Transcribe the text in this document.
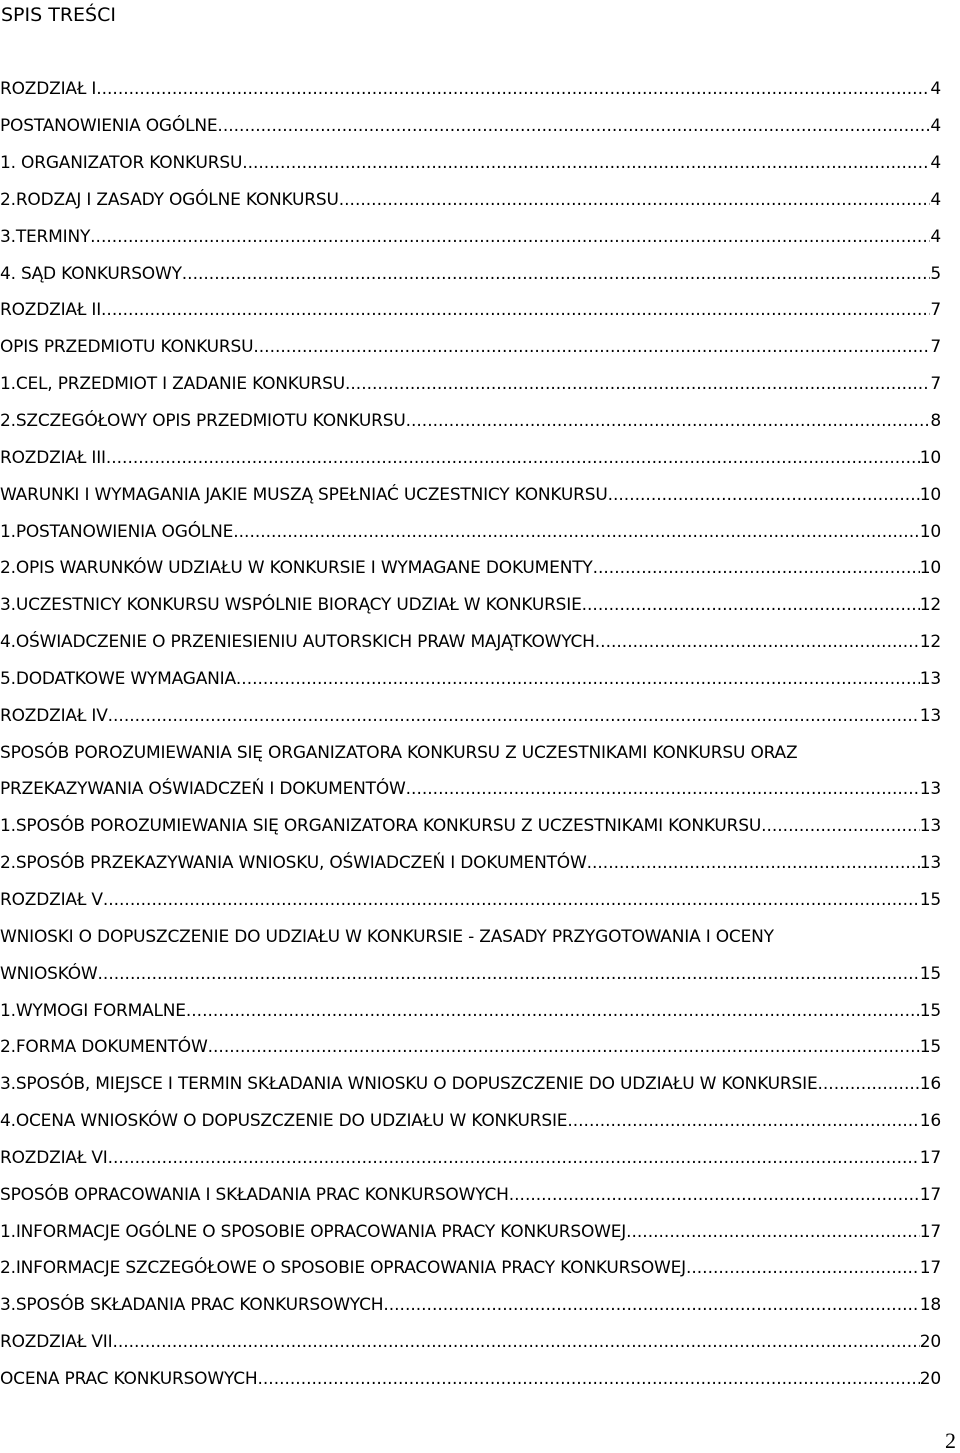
SPIS TREŚCI
ROZDZIAŁ I .....	4
POSTANOWIENIA OGÓLNE .....	4
1. ORGANIZATOR KONKURSU .....	4
2.RODZAJ I ZASADY OGÓLNE KONKURSU .....	4
3.TERMINY .....	4
4. SĄD KONKURSOWY .....	5
ROZDZIAŁ II .....	7
OPIS PRZEDMIOTU KONKURSU .....	7
1.CEL, PRZEDMIOT I ZADANIE KONKURSU .....	7
2.SZCZEGÓŁOWY OPIS PRZEDMIOTU KONKURSU .....	8
ROZDZIAŁ III .....	10
WARUNKI I WYMAGANIA JAKIE MUSZĄ SPEŁNIAĆ UCZESTNICY KONKURSU .....	10
1.POSTANOWIENIA OGÓLNE .....	10
2.OPIS WARUNKÓW UDZIAŁU W KONKURSIE I WYMAGANE DOKUMENTY .....	10
3.UCZESTNICY KONKURSU WSPÓLNIE BIORĄCY UDZIAŁ W KONKURSIE .....	12
4.OŚWIADCZENIE O PRZENIESIENIU AUTORSKICH PRAW MAJĄTKOWYCH .....	12
5.DODATKOWE WYMAGANIA .....	13
ROZDZIAŁ IV .....	13
SPOSÓB POROZUMIEWANIA SIĘ ORGANIZATORA KONKURSU Z UCZESTNIKAMI KONKURSU ORAZ
PRZEKAZYWANIA OŚWIADCZEŃ I DOKUMENTÓW .....	13
1.SPOSÓB POROZUMIEWANIA SIĘ ORGANIZATORA KONKURSU Z UCZESTNIKAMI KONKURSU .....	13
2.SPOSÓB PRZEKAZYWANIA WNIOSKU, OŚWIADCZEŃ I DOKUMENTÓW .....	13
ROZDZIAŁ V .....	15
WNIOSKI O DOPUSZCZENIE DO UDZIAŁU W KONKURSIE - ZASADY PRZYGOTOWANIA I OCENY
WNIOSKÓW .....	15
1.WYMOGI FORMALNE .....	15
2.FORMA DOKUMENTÓW .....	15
3.SPOSÓB, MIEJSCE I TERMIN SKŁADANIA WNIOSKU O DOPUSZCZENIE DO UDZIAŁU W KONKURSIE .....	16
4.OCENA WNIOSKÓW O DOPUSZCZENIE DO UDZIAŁU W KONKURSIE .....	16
ROZDZIAŁ VI .....	17
SPOSÓB OPRACOWANIA I SKŁADANIA PRAC KONKURSOWYCH .....	17
1.INFORMACJE OGÓLNE O SPOSOBIE OPRACOWANIA PRACY KONKURSOWEJ .....	17
2.INFORMACJE SZCZEGÓŁOWE O SPOSOBIE OPRACOWANIA PRACY KONKURSOWEJ .....	17
3.SPOSÓB SKŁADANIA PRAC KONKURSOWYCH .....	18
ROZDZIAŁ VII .....	20
OCENA PRAC KONKURSOWYCH .....	20
2
